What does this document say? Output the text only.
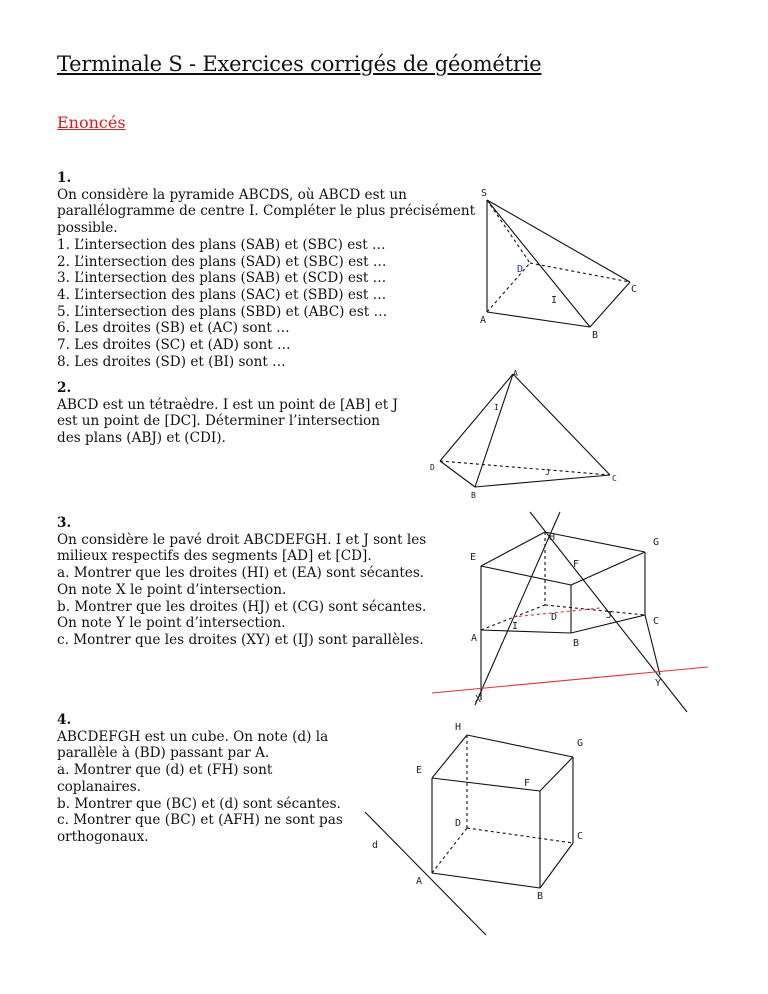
Terminale S - Exercices corrigés de géométrie
Enoncés
1.
On considère la pyramide ABCDS, où ABCD est un
parallélogramme de centre I. Compléter le plus précisément
possible.
1. L’intersection des plans (SAB) et (SBC) est …
2. L’intersection des plans (SAD) et (SBC) est …
3. L’intersection des plans (SAB) et (SCD) est …
4. L’intersection des plans (SAC) et (SBD) est …
5. L’intersection des plans (SBD) et (ABC) est …
6. Les droites (SB) et (AC) sont …
7. Les droites (SC) et (AD) sont …
8. Les droites (SD) et (BI) sont …
2.
ABCD est un tétraèdre. I est un point de [AB] et J
est un point de [DC]. Déterminer l’intersection
des plans (ABJ) et (CDI).
3.
On considère le pavé droit ABCDEFGH. I et J sont les
milieux respectifs des segments [AD] et [CD].
a. Montrer que les droites (HI) et (EA) sont sécantes.
On note X le point d’intersection.
b. Montrer que les droites (HJ) et (CG) sont sécantes.
On note Y le point d’intersection.
c. Montrer que les droites (XY) et (IJ) sont parallèles.
4.
ABCDEFGH est un cube. On note (d) la
parallèle à (BD) passant par A.
a. Montrer que (d) et (FH) sont
coplanaires.
b. Montrer que (BC) et (d) sont sécantes.
c. Montrer que (BC) et (AFH) ne sont pas
orthogonaux.
S
D
C
I
A
B
A
I
D
J
C
B
H	G
E
F
D
I
J
C
A	B
Y
X
H
G
E
F
D
C
d
A
B
